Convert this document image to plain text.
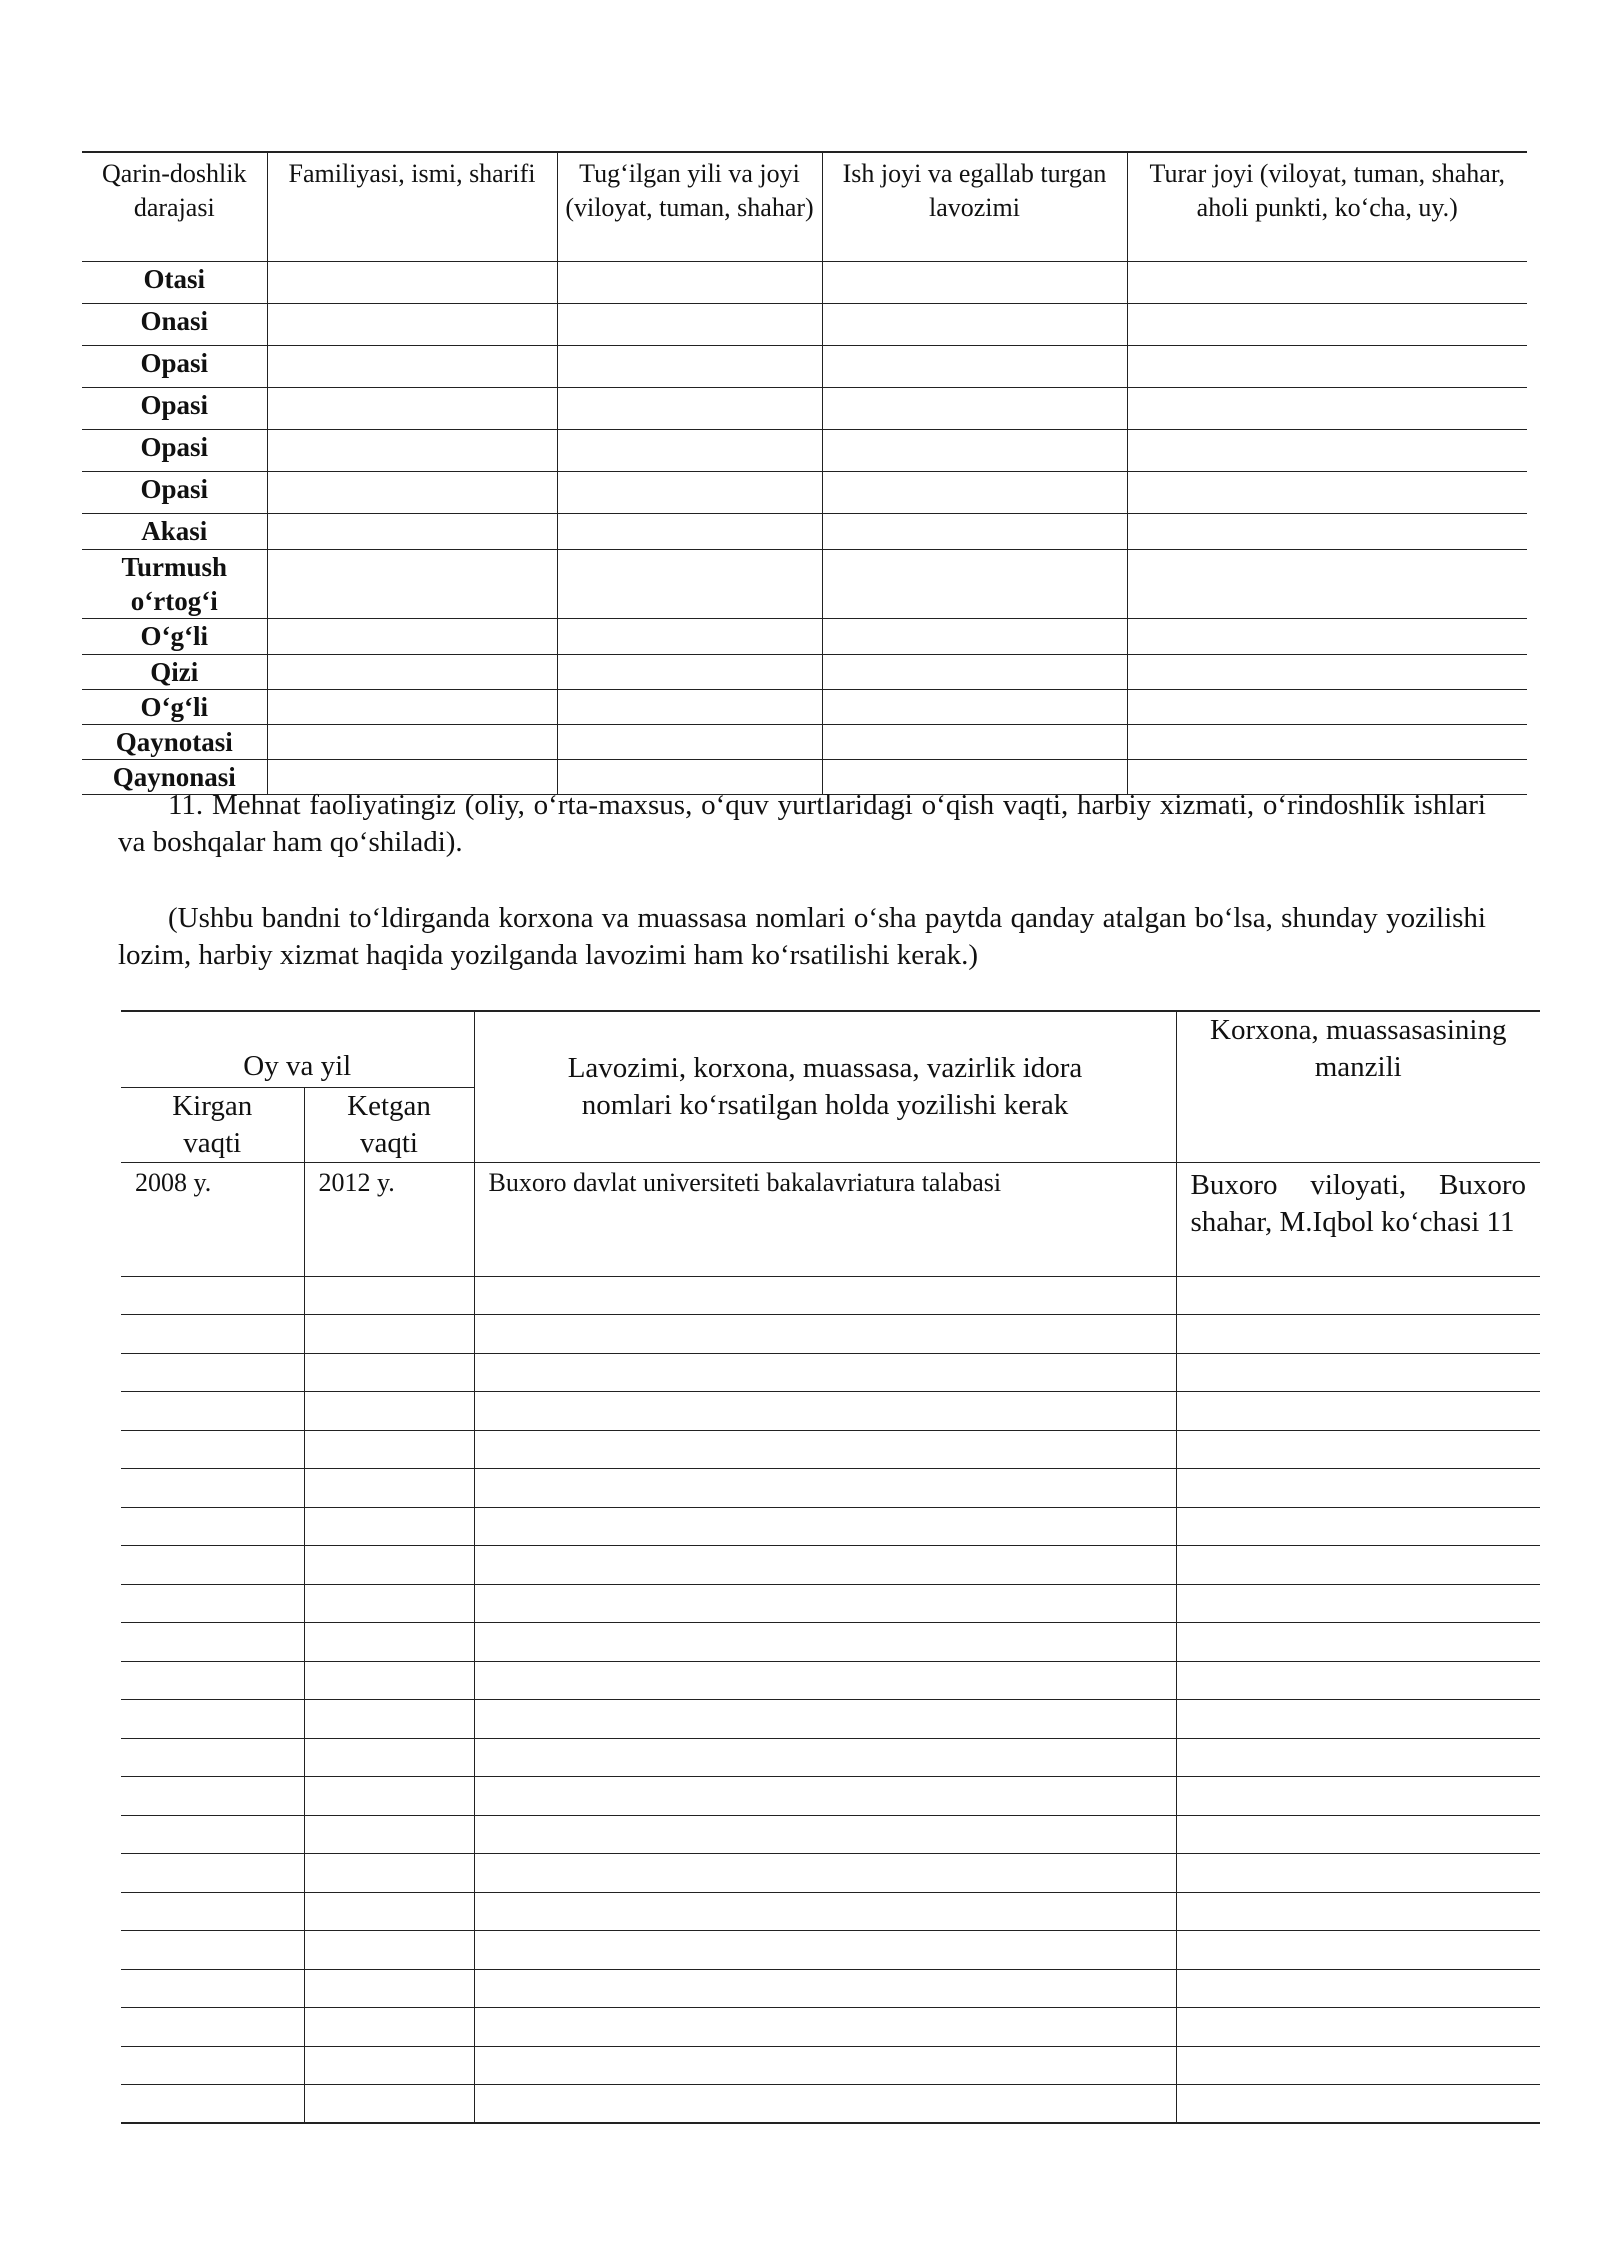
Qarin-doshlik darajasi	Familiyasi, ismi, sharifi	Tug‘ilgan yili va joyi (viloyat, tuman, shahar)	Ish joyi va egallab turgan lavozimi	Turar joyi (viloyat, tuman, shahar, aholi punkti, ko‘cha, uy.)
Otasi				
Onasi				
Opasi				
Opasi				
Opasi				
Opasi				
Akasi				
Turmush o‘rtog‘i				
O‘g‘li				
Qizi				
O‘g‘li				
Qaynotasi				
Qaynonasi				
11. Mehnat faoliyatingiz (oliy, o‘rta-maxsus, o‘quv yurtlaridagi o‘qish vaqti, harbiy xizmati, o‘rindoshlik ishlari va boshqalar ham qo‘shiladi).
(Ushbu bandni to‘ldirganda korxona va muassasa nomlari o‘sha paytda qanday atalgan bo‘lsa, shunday yozilishi lozim, harbiy xizmat haqida yozilganda lavozimi ham ko‘rsatilishi kerak.)
Oy va yil		Lavozimi, korxona, muassasa, vazirlik idora nomlari ko‘rsatilgan holda yozilishi kerak	Korxona, muassasasining manzili
Kirgan vaqti	Ketgan vaqti		
2008 y.	2012 y.	Buxoro davlat universiteti bakalavriatura talabasi	Buxoro viloyati, Buxoro shahar, M.Iqbol ko‘chasi 11
